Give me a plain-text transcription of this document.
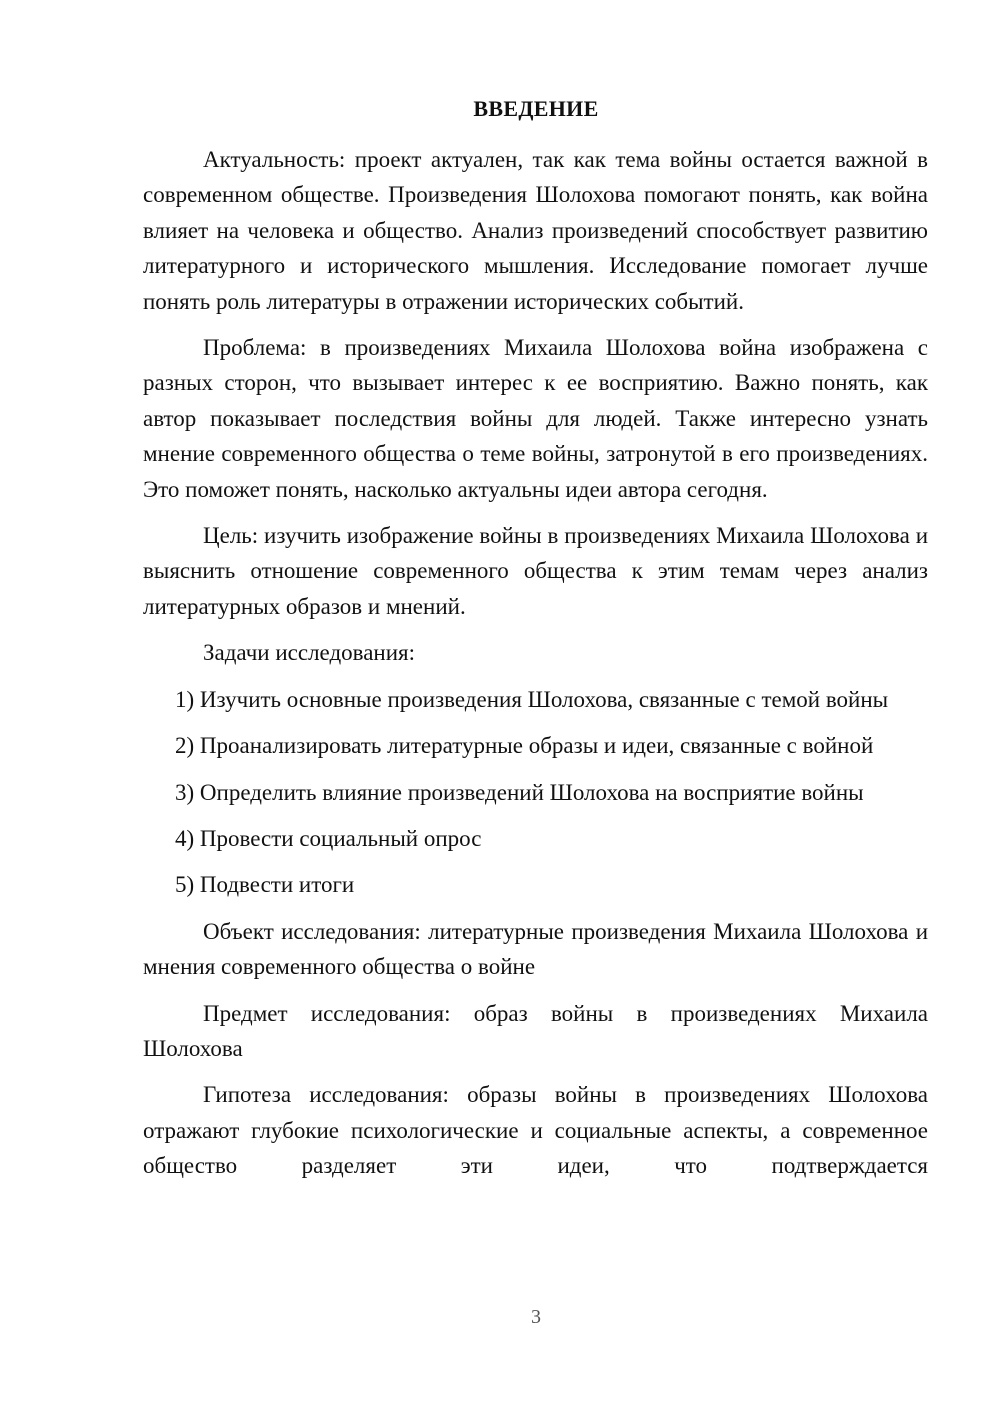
ВВЕДЕНИЕ

Актуальность: проект актуален, так как тема войны остается важной в современном обществе. Произведения Шолохова помогают понять, как война влияет на человека и общество. Анализ произведений способствует развитию литературного и исторического мышления. Исследование помогает лучше понять роль литературы в отражении исторических событий.

Проблема: в произведениях Михаила Шолохова война изображена с разных сторон, что вызывает интерес к ее восприятию. Важно понять, как автор показывает последствия войны для людей. Также интересно узнать мнение современного общества о теме войны, затронутой в его произведениях. Это поможет понять, насколько актуальны идеи автора сегодня.

Цель: изучить изображение войны в произведениях Михаила Шолохова и выяснить отношение современного общества к этим темам через анализ литературных образов и мнений.

Задачи исследования:

1) Изучить основные произведения Шолохова, связанные с темой войны

2) Проанализировать литературные образы и идеи, связанные с войной

3) Определить влияние произведений Шолохова на восприятие войны

4) Провести социальный опрос

5) Подвести итоги

Объект исследования: литературные произведения Михаила Шолохова и мнения современного общества о войне

Предмет исследования: образ войны в произведениях Михаила Шолохова

Гипотеза исследования: образы войны в произведениях Шолохова отражают глубокие психологические и социальные аспекты, а современное общество разделяет эти идеи, что подтверждается

3
